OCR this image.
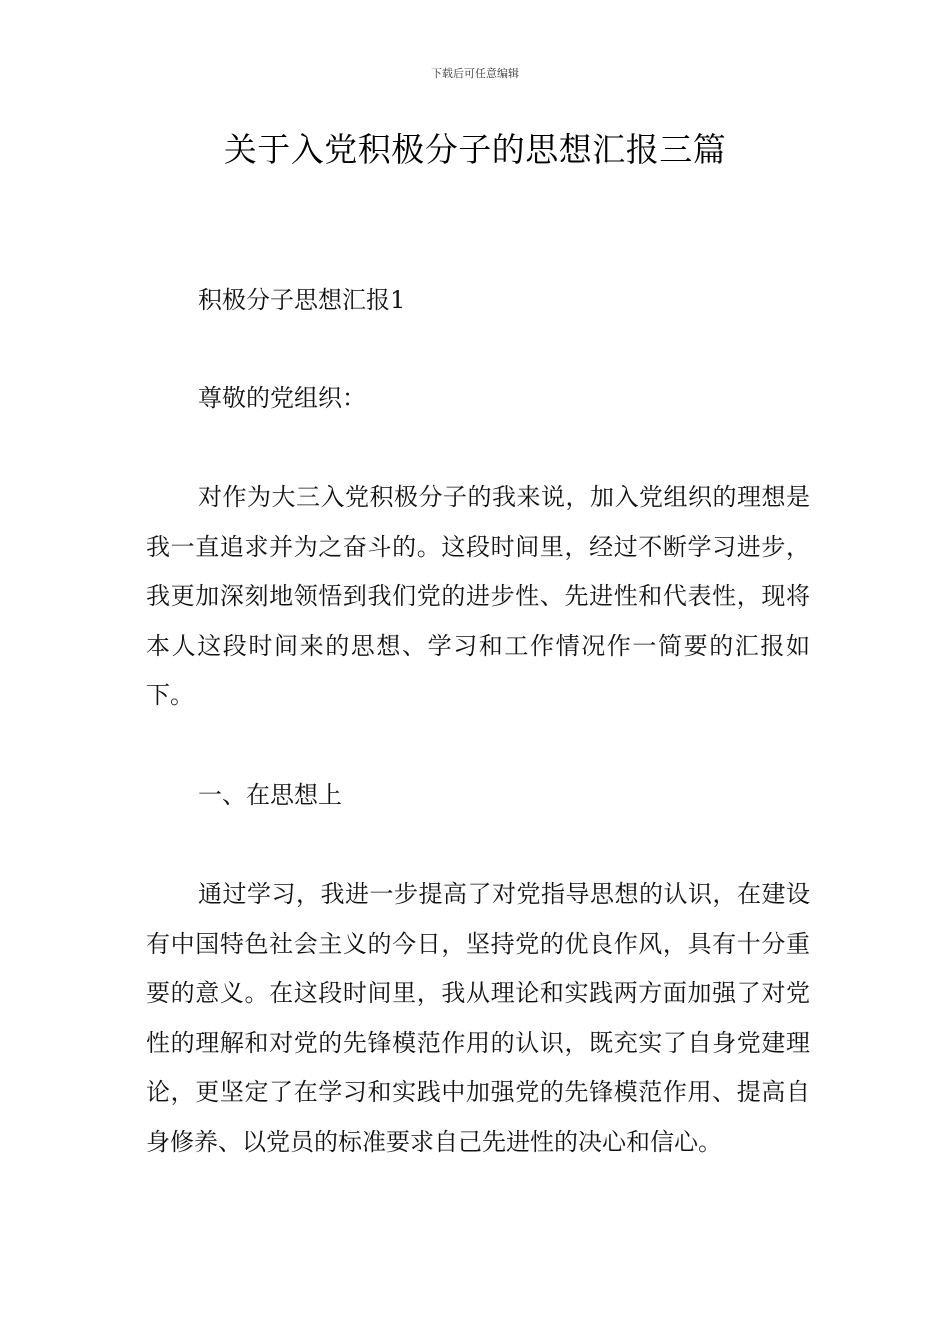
下载后可任意编辑
关于入党积极分子的思想汇报三篇

积极分子思想汇报1

尊敬的党组织：

对作为大三入党积极分子的我来说，加入党组织的理想是我一直追求并为之奋斗的。这段时间里，经过不断学习进步，我更加深刻地领悟到我们党的进步性、先进性和代表性，现将本人这段时间来的思想、学习和工作情况作一简要的汇报如下。

一、在思想上

通过学习，我进一步提高了对党指导思想的认识，在建设有中国特色社会主义的今日，坚持党的优良作风，具有十分重要的意义。在这段时间里，我从理论和实践两方面加强了对党性的理解和对党的先锋模范作用的认识，既充实了自身党建理论，更坚定了在学习和实践中加强党的先锋模范作用、提高自身修养、以党员的标准要求自己先进性的决心和信心。
